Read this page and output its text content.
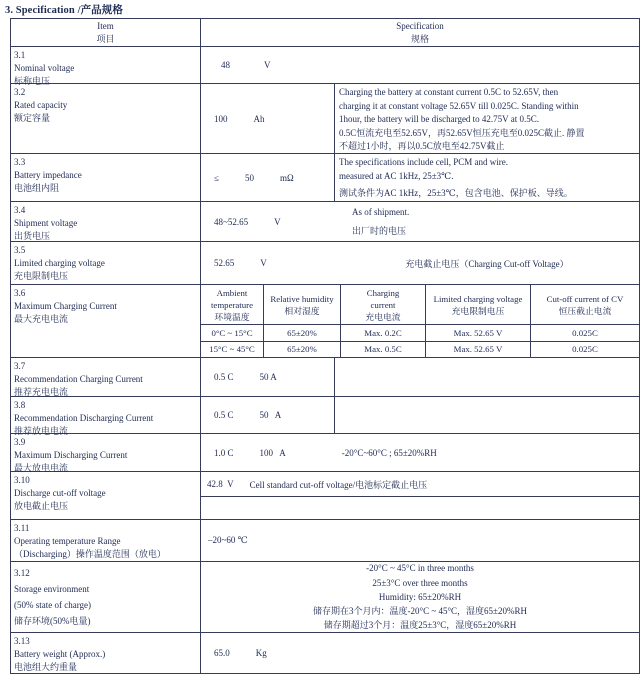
3. Specification /产品规格
Item
项目
Specification
规格
3.1
Nominal voltage
标称电压
48	V
3.2
Rated capacity
额定容量	100	Ah
Charging the battery at constant current 0.5C to 52.65V, then
charging it at constant voltage 52.65V till 0.025C. Standing within
1hour, the battery will be discharged to 42.75V at 0.5C.
0.5C恒流充电至52.65V，再52.65V恒压充电至0.025C截止. 静置
不超过1小时，再以0.5C放电至42.75V截止
3.3
Battery impedance
电池组内阻
≤	50	mΩ
The specifications include cell, PCM and wire.
measured at AC 1kHz, 25±3℃.
测试条件为AC 1kHz，25±3℃，包含电池、保护板、导线。
3.4
Shipment voltage
出货电压
48~52.65	V
As of shipment.
出厂时的电压
3.5
Limited charging voltage
充电限制电压
52.65	V	充电截止电压（Charging Cut-off Voltage）
3.6
Maximum Charging Current
最大充电电流
Ambient
temperature
环境温度
Relative humidity
相对湿度
Charging
current
充电电流
Limited charging voltage
充电限制电压
Cut-off current of CV
恒压截止电流
0°C ~ 15°C	65±20%	Max. 0.2C	Max. 52.65 V	0.025C
15°C ~ 45°C	65±20%	Max. 0.5C	Max. 52.65 V	0.025C
3.7
Recommendation Charging Current
推荐充电电流
0.5 C	50 A
3.8
Recommendation Discharging Current
推荐放电电流
0.5 C	50   A
3.9
Maximum Discharging Current
最大放电电流
1.0 C	100   A	-20°C~60°C ; 65±20%RH
3.10
Discharge cut-off voltage
放电截止电压
42.8  V Cell standard cut-off voltage/电池标定截止电压
3.11
Operating temperature Range
（Discharging）操作温度范围（放电）
–20~60 ℃
3.12
Storage environment
(50% state of charge)
储存环境(50%电量)
-20°C ~ 45°C in three months
25±3°C over three months
Humidity: 65±20%RH
储存期在3个月内：温度-20°C ~ 45°C，湿度65±20%RH
储存期超过3个月：温度25±3°C，湿度65±20%RH
3.13
Battery weight (Approx.)
电池组大约重量
65.0	Kg
